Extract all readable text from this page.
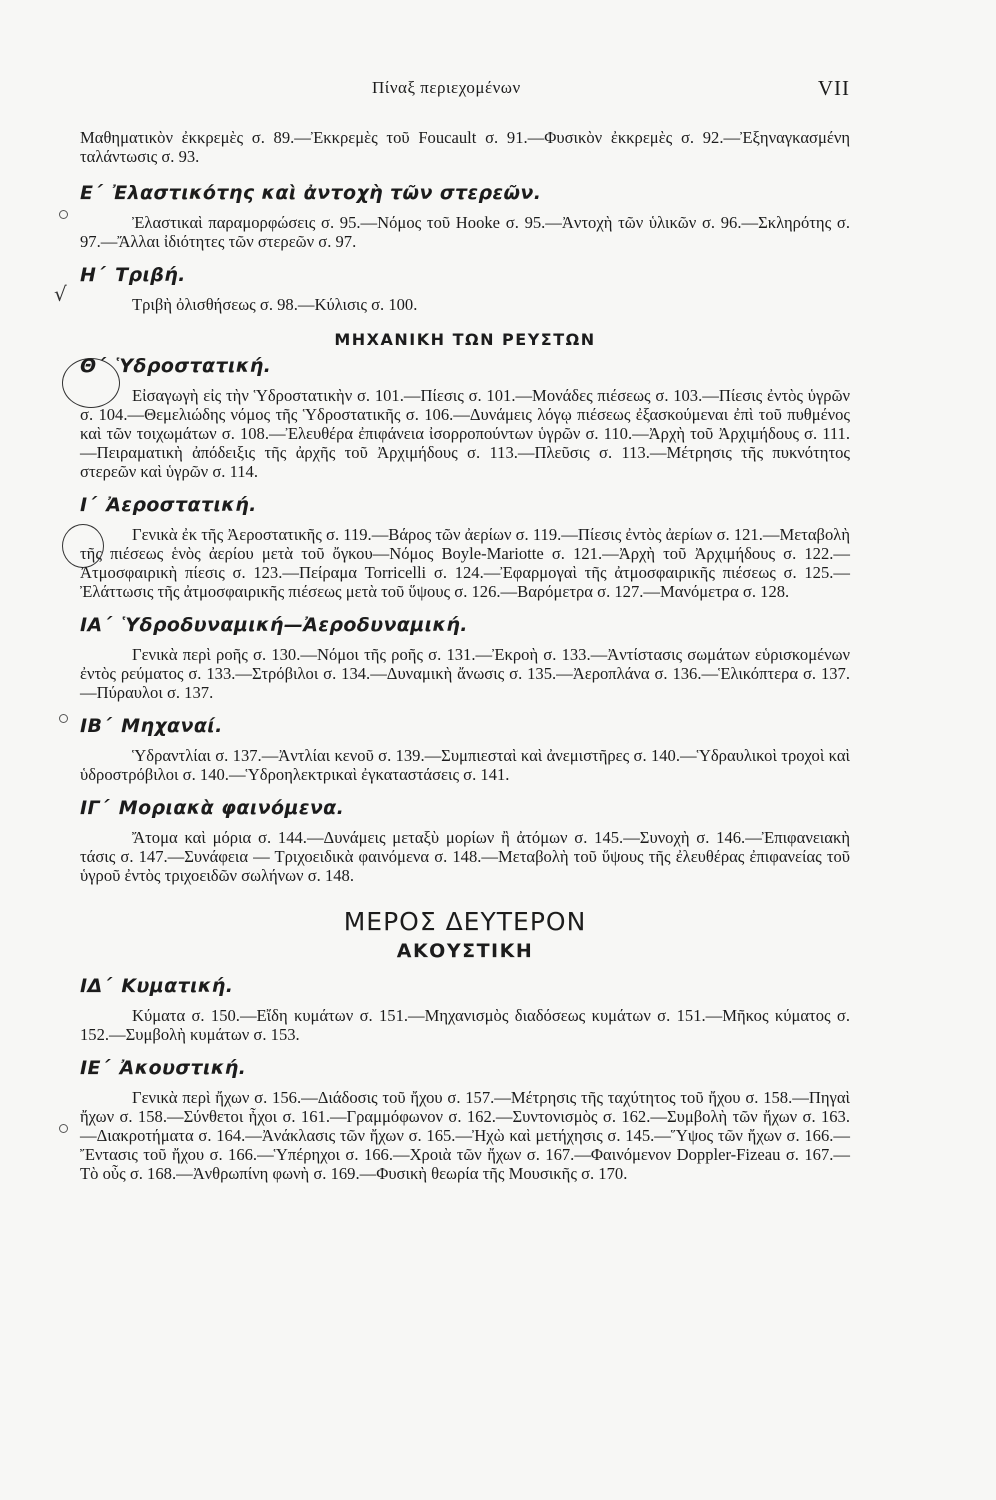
Πίναξ περιεχομένων	VII
√

Μαθηματικὸν ἐκκρεμὲς σ. 89.—Ἐκκρεμὲς τοῦ Foucault σ. 91.—Φυσικὸν ἐκκρεμὲς σ. 92.—Ἐξηναγκασμένη ταλάντωσις σ. 93.

Ε΄ Ἐλαστικότης καὶ ἀντοχὴ τῶν στερεῶν.

Ἐλαστικαὶ παραμορφώσεις σ. 95.—Νόμος τοῦ Hooke σ. 95.—Ἀντοχὴ τῶν ὑλικῶν σ. 96.—Σκληρότης σ. 97.—Ἄλλαι ἰδιότητες τῶν στερεῶν σ. 97.

Η΄ Τριβή.

Τριβὴ ὀλισθήσεως σ. 98.—Κύλισις σ. 100.

ΜΗΧΑΝΙΚΗ ΤΩΝ ΡΕΥΣΤΩΝ
Θ΄ Ὑδροστατική.

Εἰσαγωγὴ εἰς τὴν Ὑδροστατικὴν σ. 101.—Πίεσις σ. 101.—Μονάδες πιέσεως σ. 103.—Πίεσις ἐντὸς ὑγρῶν σ. 104.—Θεμελιώδης νόμος τῆς Ὑδροστατικῆς σ. 106.—Δυνάμεις λόγῳ πιέσεως ἐξασκούμεναι ἐπὶ τοῦ πυθμένος καὶ τῶν τοιχωμάτων σ. 108.—Ἐλευθέρα ἐπιφάνεια ἰσορροπούντων ὑγρῶν σ. 110.—Ἀρχὴ τοῦ Ἀρχιμήδους σ. 111.—Πειραματικὴ ἀπόδειξις τῆς ἀρχῆς τοῦ Ἀρχιμήδους σ. 113.—Πλεῦσις σ. 113.—Μέτρησις τῆς πυκνότητος στερεῶν καὶ ὑγρῶν σ. 114.

Ι΄ Ἀεροστατική.

Γενικὰ ἐκ τῆς Ἀεροστατικῆς σ. 119.—Βάρος τῶν ἀερίων σ. 119.—Πίεσις ἐντὸς ἀερίων σ. 121.—Μεταβολὴ τῆς πιέσεως ἑνὸς ἀερίου μετὰ τοῦ ὄγκου—Νόμος Boyle-Mariotte σ. 121.—Ἀρχὴ τοῦ Ἀρχιμήδους σ. 122.—Ἀτμοσφαιρικὴ πίεσις σ. 123.—Πείραμα Torricelli σ. 124.—Ἐφαρμογαὶ τῆς ἀτμοσφαιρικῆς πιέσεως σ. 125.—Ἐλάττωσις τῆς ἀτμοσφαιρικῆς πιέσεως μετὰ τοῦ ὕψους σ. 126.—Βαρόμετρα σ. 127.—Μανόμετρα σ. 128.

ΙΑ΄ Ὑδροδυναμική—Ἀεροδυναμική.

Γενικὰ περὶ ροῆς σ. 130.—Νόμοι τῆς ροῆς σ. 131.—Ἐκροὴ σ. 133.—Ἀντίστασις σωμάτων εὑρισκομένων ἐντὸς ρεύματος σ. 133.—Στρόβιλοι σ. 134.—Δυναμικὴ ἄνωσις σ. 135.—Ἀεροπλάνα σ. 136.—Ἑλικόπτερα σ. 137.—Πύραυλοι σ. 137.

ΙΒ΄ Μηχαναί.

Ὑδραντλίαι σ. 137.—Ἀντλίαι κενοῦ σ. 139.—Συμπιεσταὶ καὶ ἀνεμιστῆρες σ. 140.—Ὑδραυλικοὶ τροχοὶ καὶ ὑδροστρόβιλοι σ. 140.—Ὑδροηλεκτρικαὶ ἐγκαταστάσεις σ. 141.

ΙΓ΄ Μοριακὰ φαινόμενα.

Ἄτομα καὶ μόρια σ. 144.—Δυνάμεις μεταξὺ μορίων ἢ ἀτόμων σ. 145.—Συνοχὴ σ. 146.—Ἐπιφανειακὴ τάσις σ. 147.—Συνάφεια — Τριχοειδικὰ φαινόμενα σ. 148.—Μεταβολὴ τοῦ ὕψους τῆς ἐλευθέρας ἐπιφανείας τοῦ ὑγροῦ ἐντὸς τριχοειδῶν σωλήνων σ. 148.

ΜΕΡΟΣ ΔΕΥΤΕΡΟΝ
ΑΚΟΥΣΤΙΚΗ
ΙΔ΄ Κυματική.

Κύματα σ. 150.—Εἴδη κυμάτων σ. 151.—Μηχανισμὸς διαδόσεως κυμάτων σ. 151.—Μῆκος κύματος σ. 152.—Συμβολὴ κυμάτων σ. 153.

ΙΕ΄ Ἀκουστική.

Γενικὰ περὶ ἤχων σ. 156.—Διάδοσις τοῦ ἤχου σ. 157.—Μέτρησις τῆς ταχύτητος τοῦ ἤχου σ. 158.—Πηγαὶ ἤχων σ. 158.—Σύνθετοι ἦχοι σ. 161.—Γραμμόφωνον σ. 162.—Συντονισμὸς σ. 162.—Συμβολὴ τῶν ἤχων σ. 163.—Διακροτήματα σ. 164.—Ἀνάκλασις τῶν ἤχων σ. 165.—Ἠχὼ καὶ μετήχησις σ. 145.—Ὕψος τῶν ἤχων σ. 166.—Ἔντασις τοῦ ἤχου σ. 166.—Ὑπέρηχοι σ. 166.—Χροιὰ τῶν ἤχων σ. 167.—Φαινόμενον Doppler-Fizeau σ. 167.—Τὸ οὖς σ. 168.—Ἀνθρωπίνη φωνὴ σ. 169.—Φυσικὴ θεωρία τῆς Μουσικῆς σ. 170.
